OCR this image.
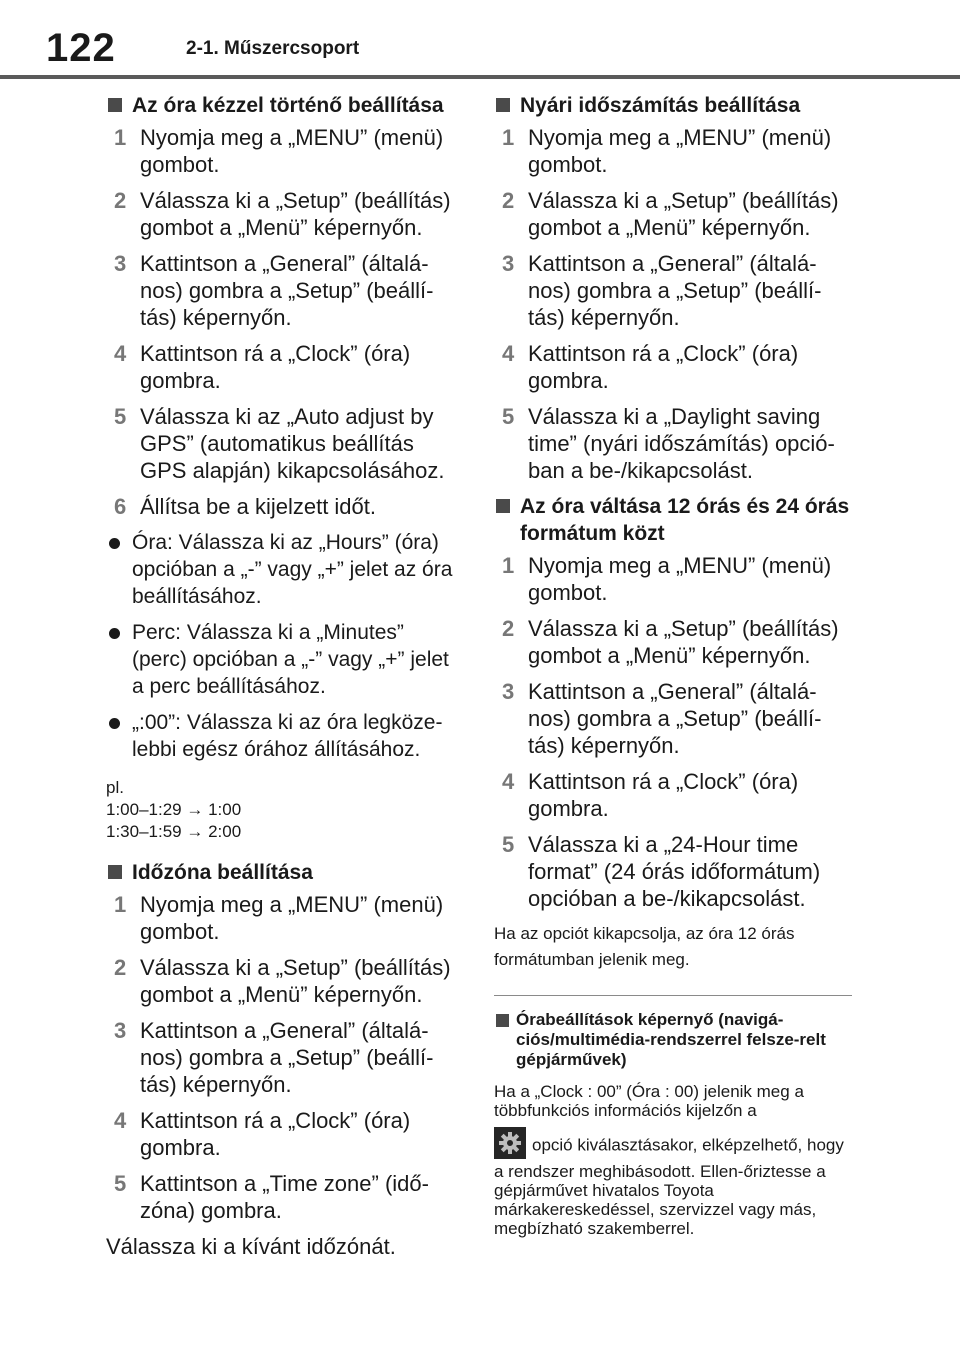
122	2-1. Műszercsoport
Az óra kézzel történő beállítása
1 Nyomja meg a „MENU” (menü) gombot.
2 Válassza ki a „Setup” (beállítás) gombot a „Menü” képernyőn.
3 Kattintson a „General” (általá-nos) gombra a „Setup” (beállí-tás) képernyőn.
4 Kattintson rá a „Clock” (óra) gombra.
5 Válassza ki az „Auto adjust by GPS” (automatikus beállítás GPS alapján) kikapcsolásához.
6 Állítsa be a kijelzett időt.
Óra: Válassza ki az „Hours” (óra) opcióban a „-” vagy „+” jelet az óra beállításához.
Perc: Válassza ki a „Minutes” (perc) opcióban a „-” vagy „+” jelet a perc beállításához.
„:00”: Válassza ki az óra legköze-lebbi egész órához állításához.
pl.
1:00–1:29 → 1:00
1:30–1:59 → 2:00
Időzóna beállítása
1 Nyomja meg a „MENU” (menü) gombot.
2 Válassza ki a „Setup” (beállítás) gombot a „Menü” képernyőn.
3 Kattintson a „General” (általá-nos) gombra a „Setup” (beállí-tás) képernyőn.
4 Kattintson rá a „Clock” (óra) gombra.
5 Kattintson a „Time zone” (idő-zóna) gombra.
Válassza ki a kívánt időzónát.
Nyári időszámítás beállítása
1 Nyomja meg a „MENU” (menü) gombot.
2 Válassza ki a „Setup” (beállítás) gombot a „Menü” képernyőn.
3 Kattintson a „General” (általá-nos) gombra a „Setup” (beállí-tás) képernyőn.
4 Kattintson rá a „Clock” (óra) gombra.
5 Válassza ki a „Daylight saving time” (nyári időszámítás) opció-ban a be-/kikapcsolást.
Az óra váltása 12 órás és 24 órás formátum közt
1 Nyomja meg a „MENU” (menü) gombot.
2 Válassza ki a „Setup” (beállítás) gombot a „Menü” képernyőn.
3 Kattintson a „General” (általá-nos) gombra a „Setup” (beállí-tás) képernyőn.
4 Kattintson rá a „Clock” (óra) gombra.
5 Válassza ki a „24-Hour time format” (24 órás időformátum) opcióban a be-/kikapcsolást.
Ha az opciót kikapcsolja, az óra 12 órás formátumban jelenik meg.
Órabeállítások képernyő (navigá-ciós/multimédia-rendszerrel felsze-relt gépjárművek)
Ha a „Clock : 00” (Óra : 00) jelenik meg a többfunkciós információs kijelzőn a
opció kiválasztásakor, elképzelhető, hogy a rendszer meghibásodott. Ellen-őriztesse a gépjárművet hivatalos Toyota márkakereskedéssel, szervizzel vagy más, megbízható szakemberrel.
